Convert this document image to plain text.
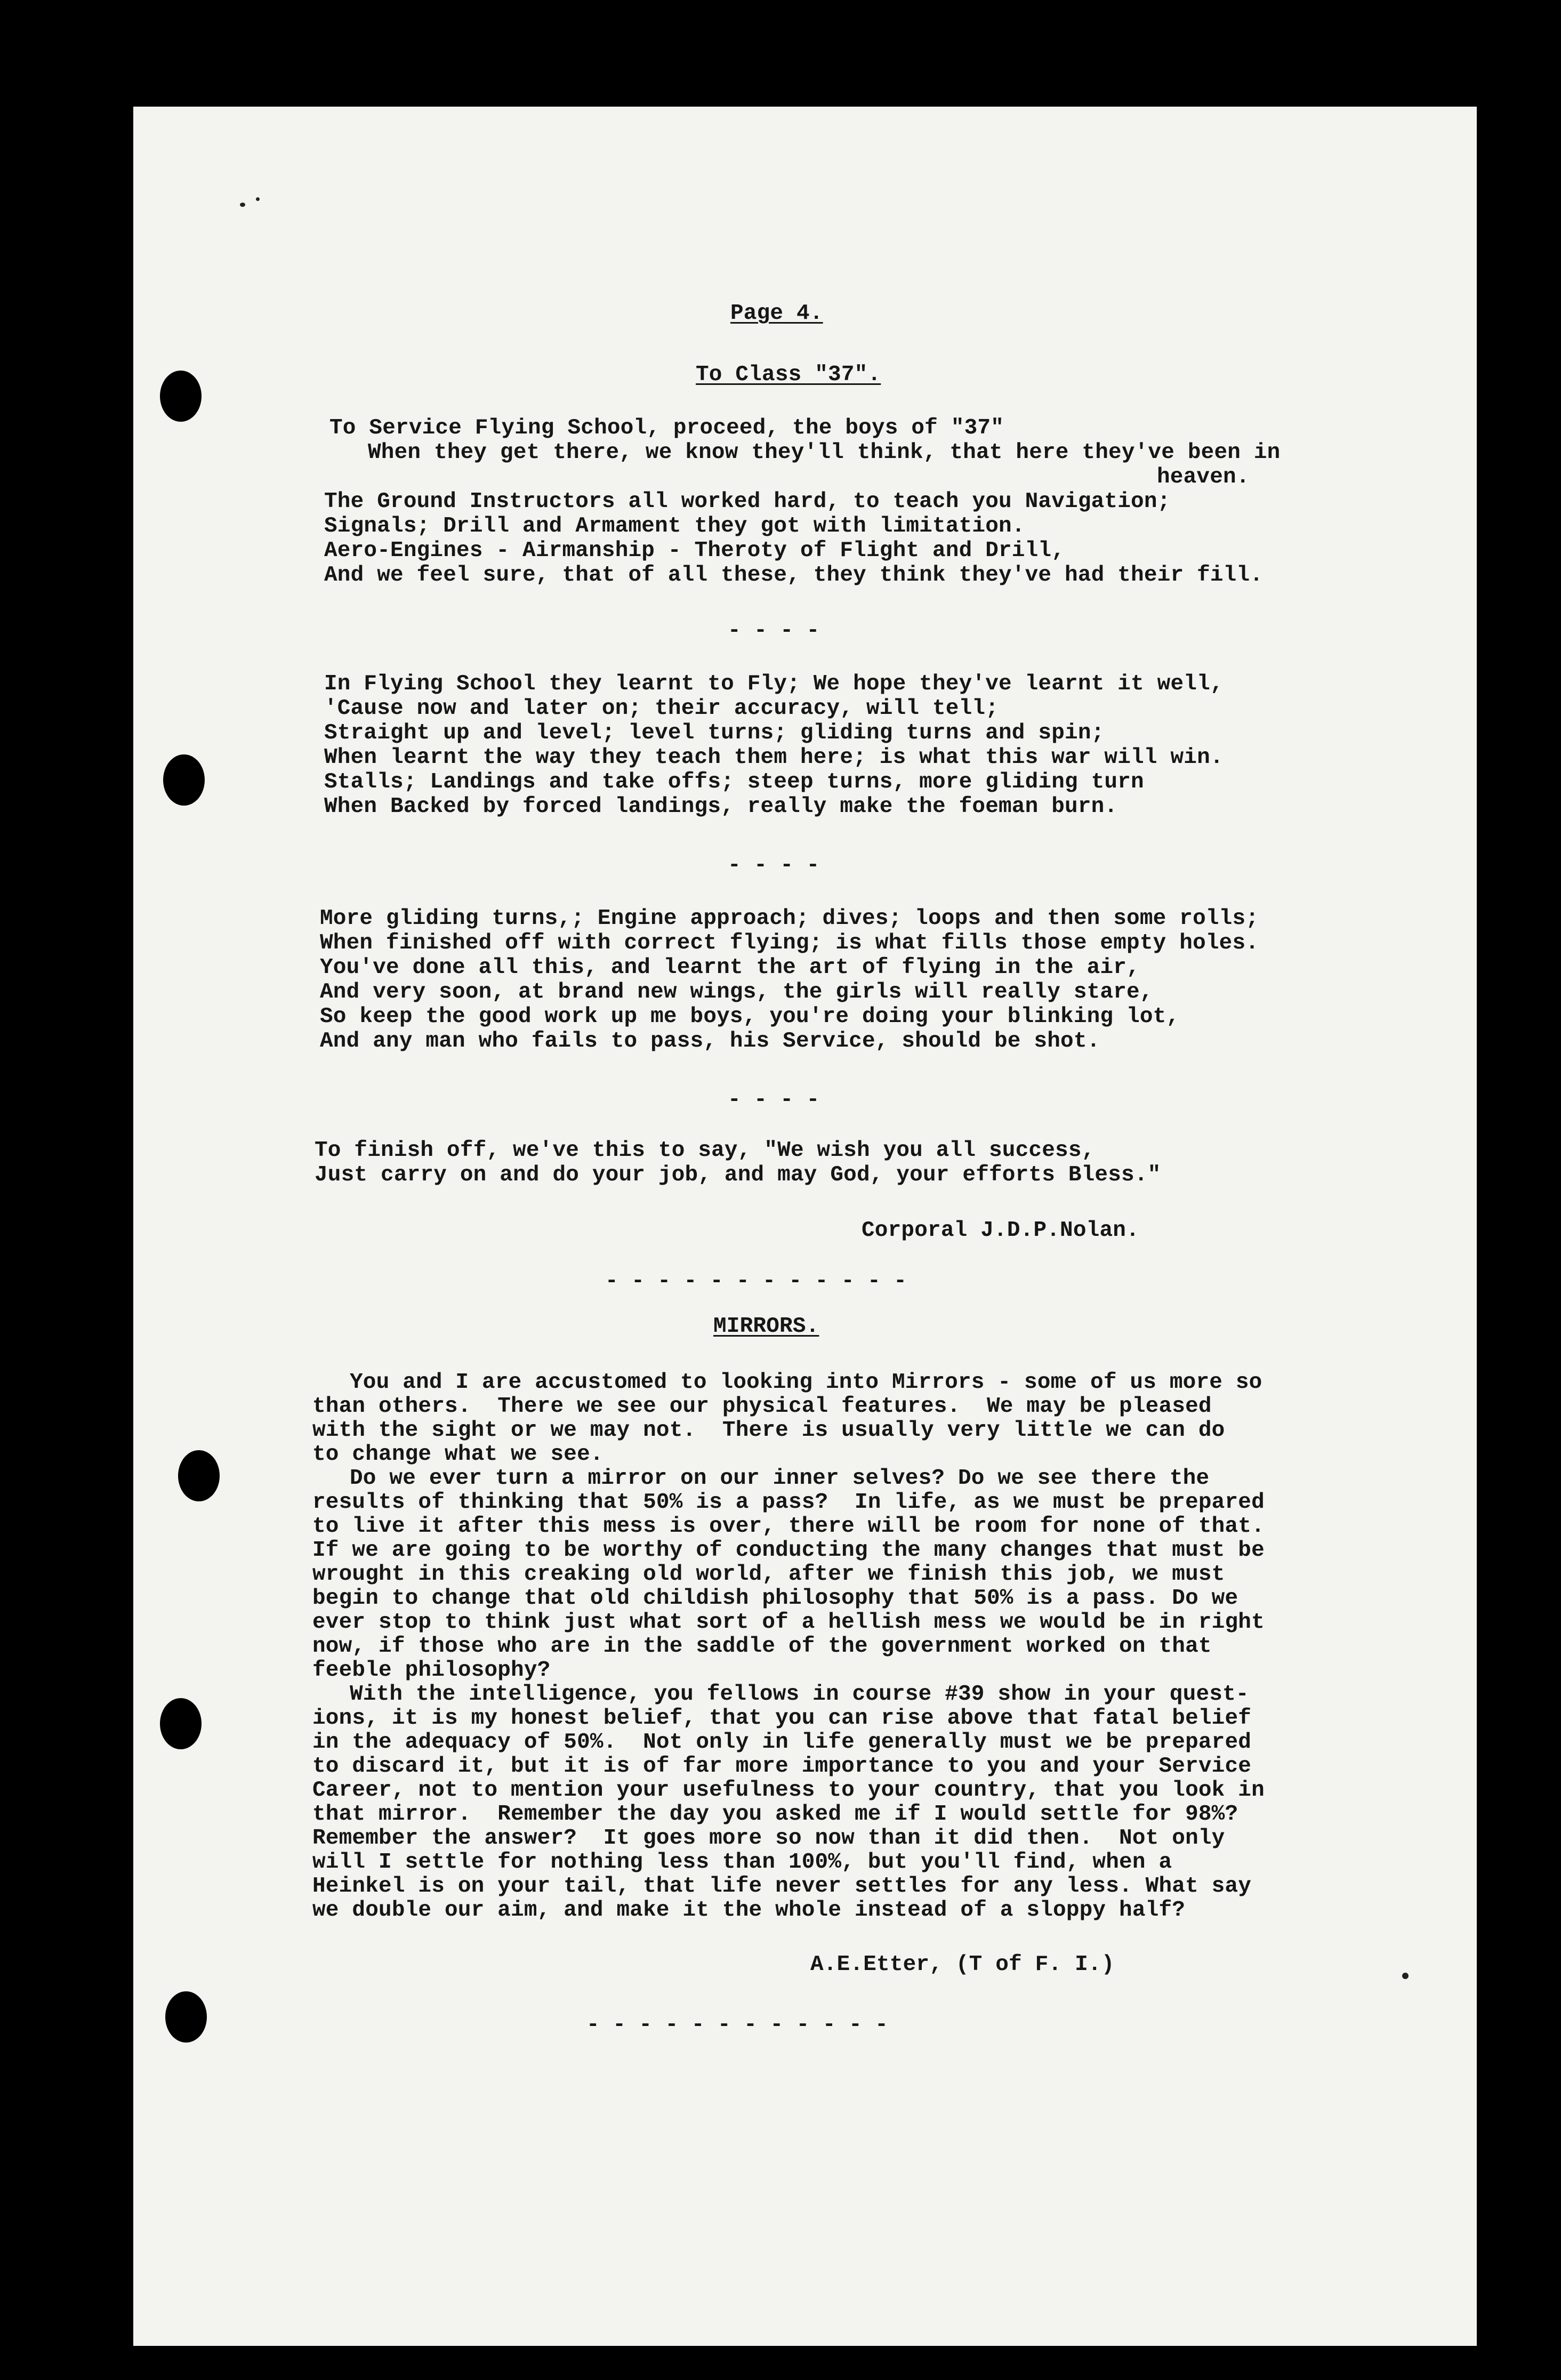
Page 4.
To Class "37".
To Service Flying School, proceed, the boys of "37"
When they get there, we know they'll think, that here they've been in
heaven.
The Ground Instructors all worked hard, to teach you Navigation;
Signals; Drill and Armament they got with limitation.
Aero-Engines - Airmanship - Theroty of Flight and Drill,
And we feel sure, that of all these, they think they've had their fill.
- - - -
In Flying School they learnt to Fly; We hope they've learnt it well,
'Cause now and later on; their accuracy, will tell;
Straight up and level; level turns; gliding turns and spin;
When learnt the way they teach them here; is what this war will win.
Stalls; Landings and take offs; steep turns, more gliding turn
When Backed by forced landings, really make the foeman burn.
- - - -
More gliding turns,; Engine approach; dives; loops and then some rolls;
When finished off with correct flying; is what fills those empty holes.
You've done all this, and learnt the art of flying in the air,
And very soon, at brand new wings, the girls will really stare,
So keep the good work up me boys, you're doing your blinking lot,
And any man who fails to pass, his Service, should be shot.
- - - -
To finish off, we've this to say, "We wish you all success,
Just carry on and do your job, and may God, your efforts Bless."
Corporal J.D.P.Nolan.
- - - - - - - - - - - -
MIRRORS.
You and I are accustomed to looking into Mirrors - some of us more so
than others.  There we see our physical features.  We may be pleased
with the sight or we may not.  There is usually very little we can do
to change what we see.
Do we ever turn a mirror on our inner selves? Do we see there the
results of thinking that 50% is a pass?  In life, as we must be prepared
to live it after this mess is over, there will be room for none of that.
If we are going to be worthy of conducting the many changes that must be
wrought in this creaking old world, after we finish this job, we must
begin to change that old childish philosophy that 50% is a pass. Do we
ever stop to think just what sort of a hellish mess we would be in right
now, if those who are in the saddle of the government worked on that
feeble philosophy?
With the intelligence, you fellows in course #39 show in your quest-
ions, it is my honest belief, that you can rise above that fatal belief
in the adequacy of 50%.  Not only in life generally must we be prepared
to discard it, but it is of far more importance to you and your Service
Career, not to mention your usefulness to your country, that you look in
that mirror.  Remember the day you asked me if I would settle for 98%?
Remember the answer?  It goes more so now than it did then.  Not only
will I settle for nothing less than 100%, but you'll find, when a
Heinkel is on your tail, that life never settles for any less. What say
we double our aim, and make it the whole instead of a sloppy half?
A.E.Etter, (T of F. I.)
- - - - - - - - - - - -
